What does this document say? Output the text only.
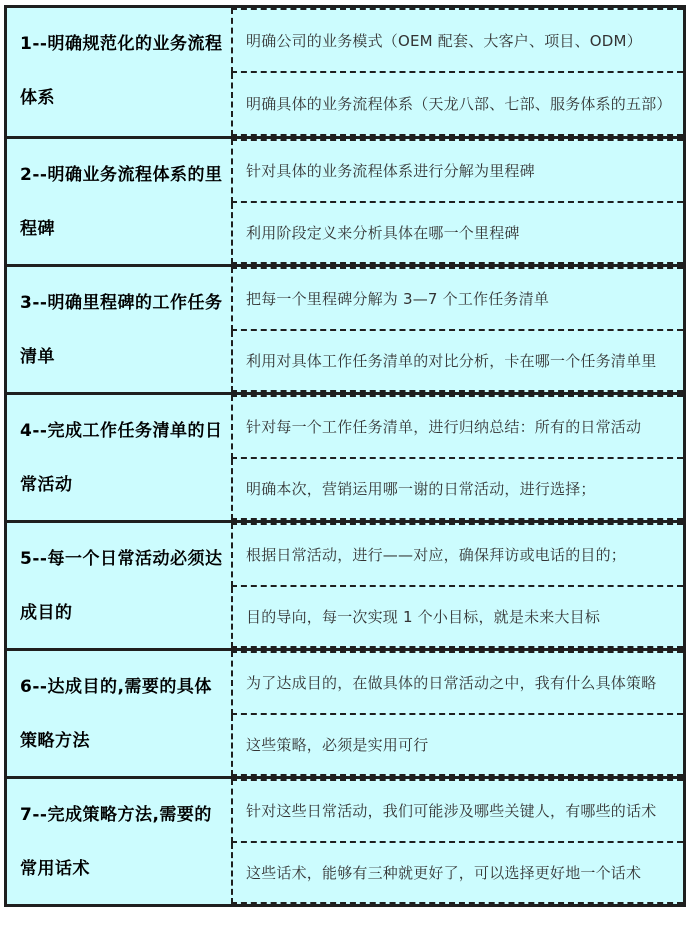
1--明确规范化的业务流程体系
明确公司的业务模式（OEM 配套、大客户、项目、ODM）
明确具体的业务流程体系（天龙八部、七部、服务体系的五部）
2--明确业务流程体系的里程碑
针对具体的业务流程体系进行分解为里程碑
利用阶段定义来分析具体在哪一个里程碑
3--明确里程碑的工作任务清单
把每一个里程碑分解为 3—7 个工作任务清单
利用对具体工作任务清单的对比分析，卡在哪一个任务清单里
4--完成工作任务清单的日常活动
针对每一个工作任务清单，进行归纳总结：所有的日常活动
明确本次，营销运用哪一谢的日常活动，进行选择；
5--每一个日常活动必须达成目的
根据日常活动，进行——对应，确保拜访或电话的目的；
目的导向，每一次实现 1 个小目标，就是未来大目标
6--达成目的,需要的具体策略方法
为了达成目的，在做具体的日常活动之中，我有什么具体策略
这些策略，必须是实用可行
7--完成策略方法,需要的常用话术
针对这些日常活动，我们可能涉及哪些关键人，有哪些的话术
这些话术，能够有三种就更好了，可以选择更好地一个话术
